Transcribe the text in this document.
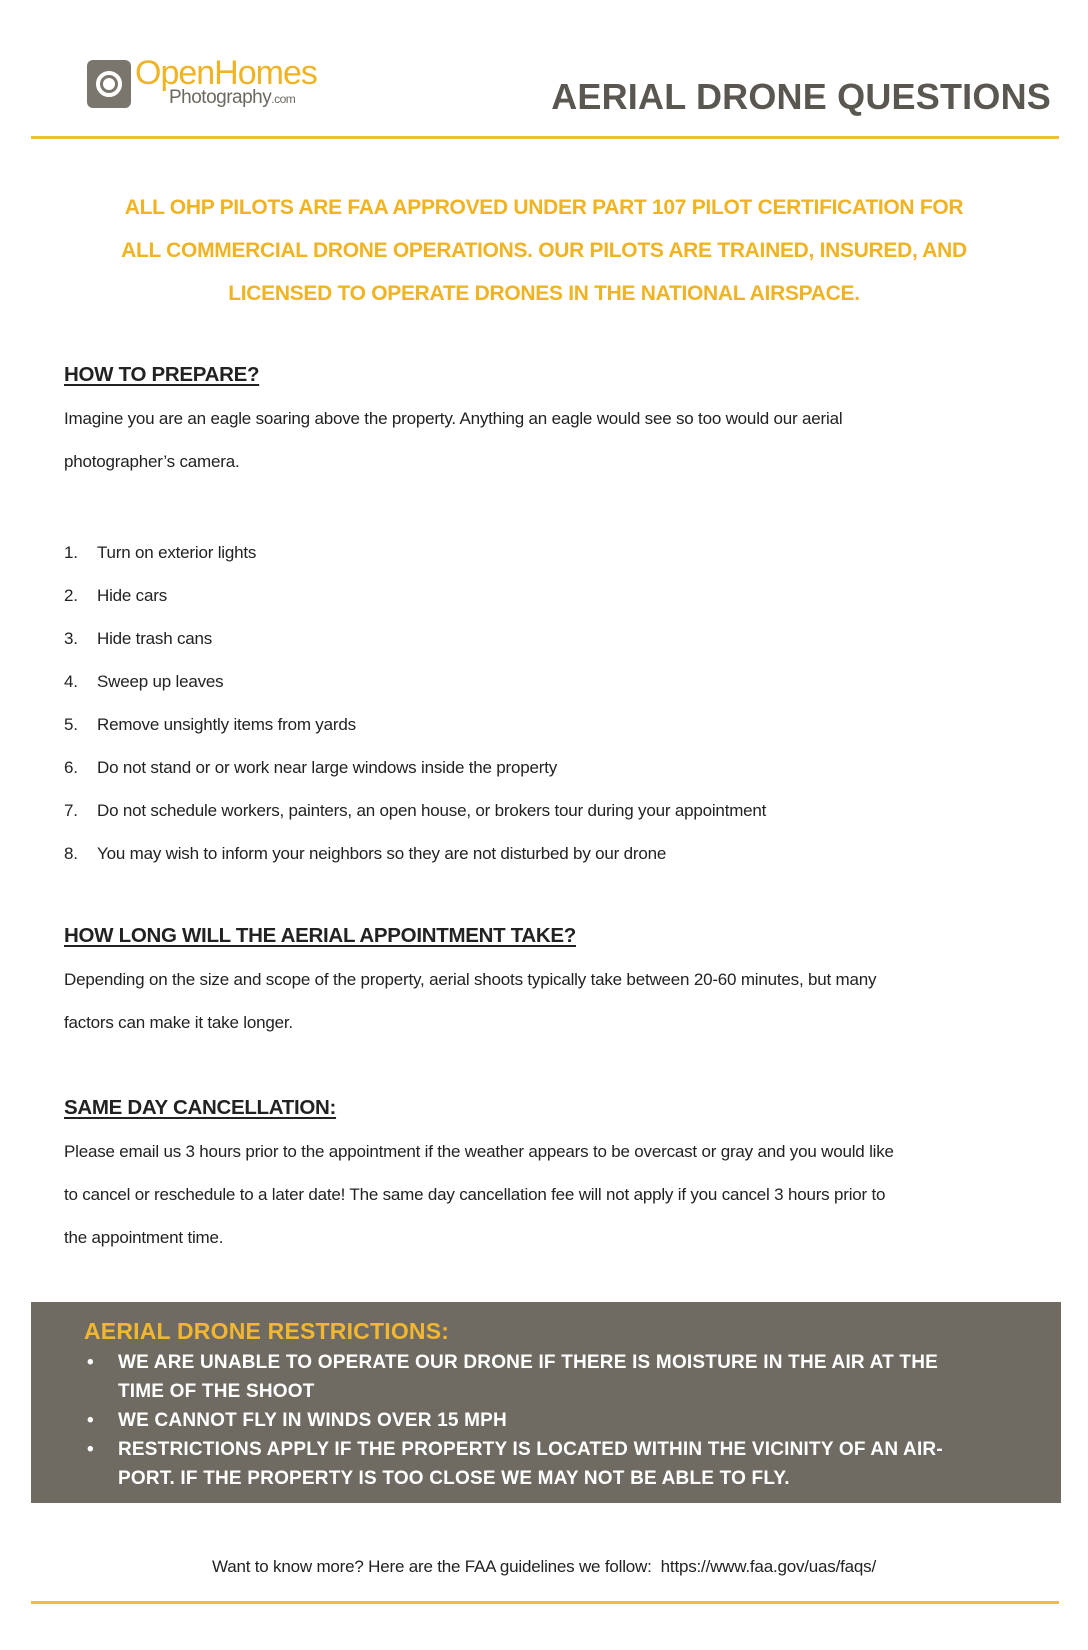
OpenHomes
Photography.com	AERIAL DRONE QUESTIONS
ALL OHP PILOTS ARE FAA APPROVED UNDER PART 107 PILOT CERTIFICATION FOR
ALL COMMERCIAL DRONE OPERATIONS. OUR PILOTS ARE TRAINED, INSURED, AND
LICENSED TO OPERATE DRONES IN THE NATIONAL AIRSPACE.
HOW TO PREPARE?

Imagine you are an eagle soaring above the property. Anything an eagle would see so too would our aerial
photographer’s camera.

1.	Turn on exterior lights
2.	Hide cars
3.	Hide trash cans
4.	Sweep up leaves
5.	Remove unsightly items from yards
6.	Do not stand or or work near large windows inside the property
7.	Do not schedule workers, painters, an open house, or brokers tour during your appointment
8.	You may wish to inform your neighbors so they are not disturbed by our drone
HOW LONG WILL THE AERIAL APPOINTMENT TAKE?

Depending on the size and scope of the property, aerial shoots typically take between 20-60 minutes, but many
factors can make it take longer.

SAME DAY CANCELLATION:

Please email us 3 hours prior to the appointment if the weather appears to be overcast or gray and you would like
to cancel or reschedule to a later date! The same day cancellation fee will not apply if you cancel 3 hours prior to
the appointment time.

AERIAL DRONE RESTRICTIONS:
•	WE ARE UNABLE TO OPERATE OUR DRONE IF THERE IS MOISTURE IN THE AIR AT THE
TIME OF THE SHOOT
•	WE CANNOT FLY IN WINDS OVER 15 MPH
•	RESTRICTIONS APPLY IF THE PROPERTY IS LOCATED WITHIN THE VICINITY OF AN AIR-
PORT. IF THE PROPERTY IS TOO CLOSE WE MAY NOT BE ABLE TO FLY.
Want to know more? Here are the FAA guidelines we follow: https://www.faa.gov/uas/faqs/
